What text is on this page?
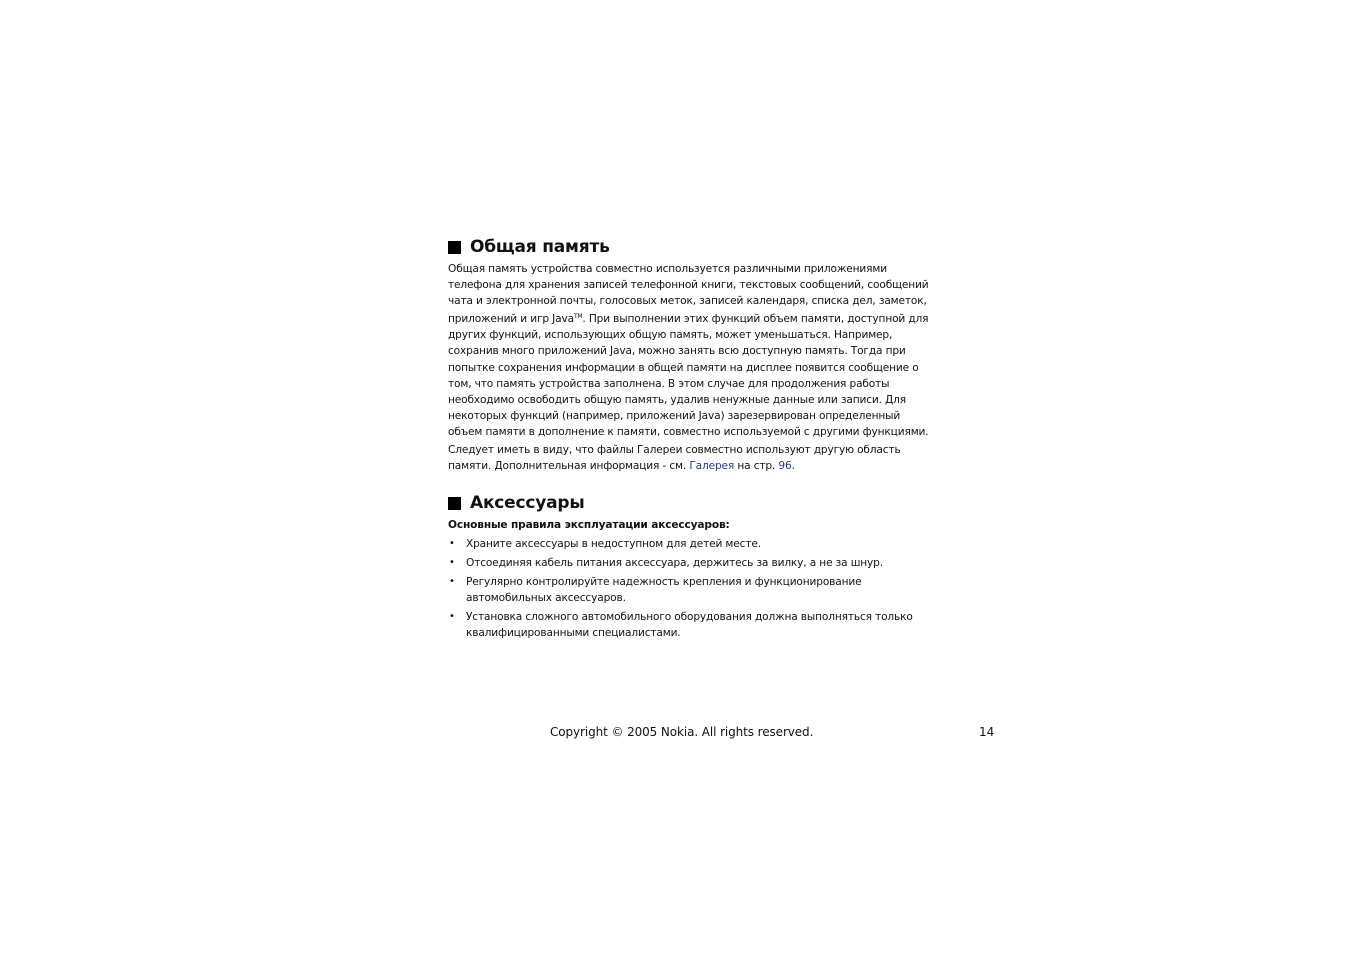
Общая память

Общая память устройства совместно используется различными приложениями
телефона для хранения записей телефонной книги, текстовых сообщений, сообщений
чата и электронной почты, голосовых меток, записей календаря, списка дел, заметок,
приложений и игр Java™. При выполнении этих функций объем памяти, доступной для
других функций, использующих общую память, может уменьшаться. Например,
сохранив много приложений Java, можно занять всю доступную память. Тогда при
попытке сохранения информации в общей памяти на дисплее появится сообщение о
том, что память устройства заполнена. В этом случае для продолжения работы
необходимо освободить общую память, удалив ненужные данные или записи. Для
некоторых функций (например, приложений Java) зарезервирован определенный
объем памяти в дополнение к памяти, совместно используемой с другими функциями.

Следует иметь в виду, что файлы Галереи совместно используют другую область
памяти. Дополнительная информация - см. Галерея на стр. 96.

Аксессуары
Основные правила эксплуатации аксессуаров:
• Храните аксессуары в недоступном для детей месте.
• Отсоединяя кабель питания аксессуара, держитесь за вилку, а не за шнур.
• Регулярно контролируйте надежность крепления и функционирование
автомобильных аксессуаров.
• Установка сложного автомобильного оборудования должна выполняться только
квалифицированными специалистами.
Copyright © 2005 Nokia. All rights reserved.	14
